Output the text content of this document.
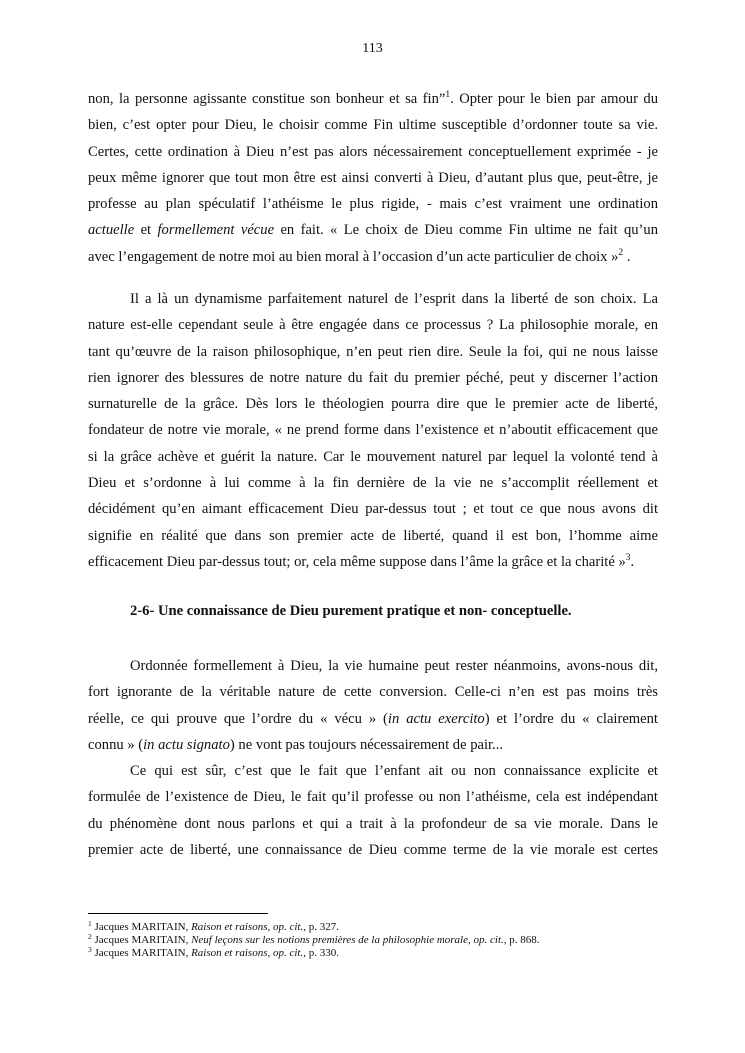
113
non, la personne agissante constitue son bonheur et sa fin”$^1$. Opter pour le bien par amour du
bien, c’est opter pour Dieu, le choisir comme Fin ultime susceptible d’ordonner toute sa vie.
Certes, cette ordination à Dieu n’est pas alors nécessairement conceptuellement exprimée - je
peux même ignorer que tout mon être est ainsi converti à Dieu, d’autant plus que, peut-être, je
professe au plan spéculatif l’athéisme le plus rigide, - mais c’est vraiment une ordination
actuelle et formellement vécue en fait. « Le choix de Dieu comme Fin ultime ne fait qu’un
avec l’engagement de notre moi au bien moral à l’occasion d’un acte particulier de choix »$^2$ .
Il a là un dynamisme parfaitement naturel de l’esprit dans la liberté de son choix. La
nature est-elle cependant seule à être engagée dans ce processus ? La philosophie morale, en
tant qu’œuvre de la raison philosophique, n’en peut rien dire. Seule la foi, qui ne nous laisse
rien ignorer des blessures de notre nature du fait du premier péché, peut y discerner l’action
surnaturelle de la grâce. Dès lors le théologien pourra dire que le premier acte de liberté,
fondateur de notre vie morale, « ne prend forme dans l’existence et n’aboutit efficacement que
si la grâce achève et guérit la nature. Car le mouvement naturel par lequel la volonté tend à
Dieu et s’ordonne à lui comme à la fin dernière de la vie ne s’accomplit réellement et
décidément qu’en aimant efficacement Dieu par-dessus tout ; et tout ce que nous avons dit
signifie en réalité que dans son premier acte de liberté, quand il est bon, l’homme aime
efficacement Dieu par-dessus tout; or, cela même suppose dans l’âme la grâce et la charité »$^3$.
2-6- Une connaissance de Dieu purement pratique et non- conceptuelle.
Ordonnée formellement à Dieu, la vie humaine peut rester néanmoins, avons-nous dit,
fort ignorante de la véritable nature de cette conversion. Celle-ci n’en est pas moins très
réelle, ce qui prouve que l’ordre du « vécu » (in actu exercito) et l’ordre du « clairement
connu » (in actu signato) ne vont pas toujours nécessairement de pair...
Ce qui est sûr, c’est que le fait que l’enfant ait ou non connaissance explicite et
formulée de l’existence de Dieu, le fait qu’il professe ou non l’athéisme, cela est indépendant
du phénomène dont nous parlons et qui a trait à la profondeur de sa vie morale. Dans le
premier acte de liberté, une connaissance de Dieu comme terme de la vie morale est certes
$^1$ Jacques MARITAIN, Raison et raisons, op. cit., p. 327.
$^2$ Jacques MARITAIN, Neuf leçons sur les notions premières de la philosophie morale, op. cit., p. 868.
$^3$ Jacques MARITAIN, Raison et raisons, op. cit., p. 330.
